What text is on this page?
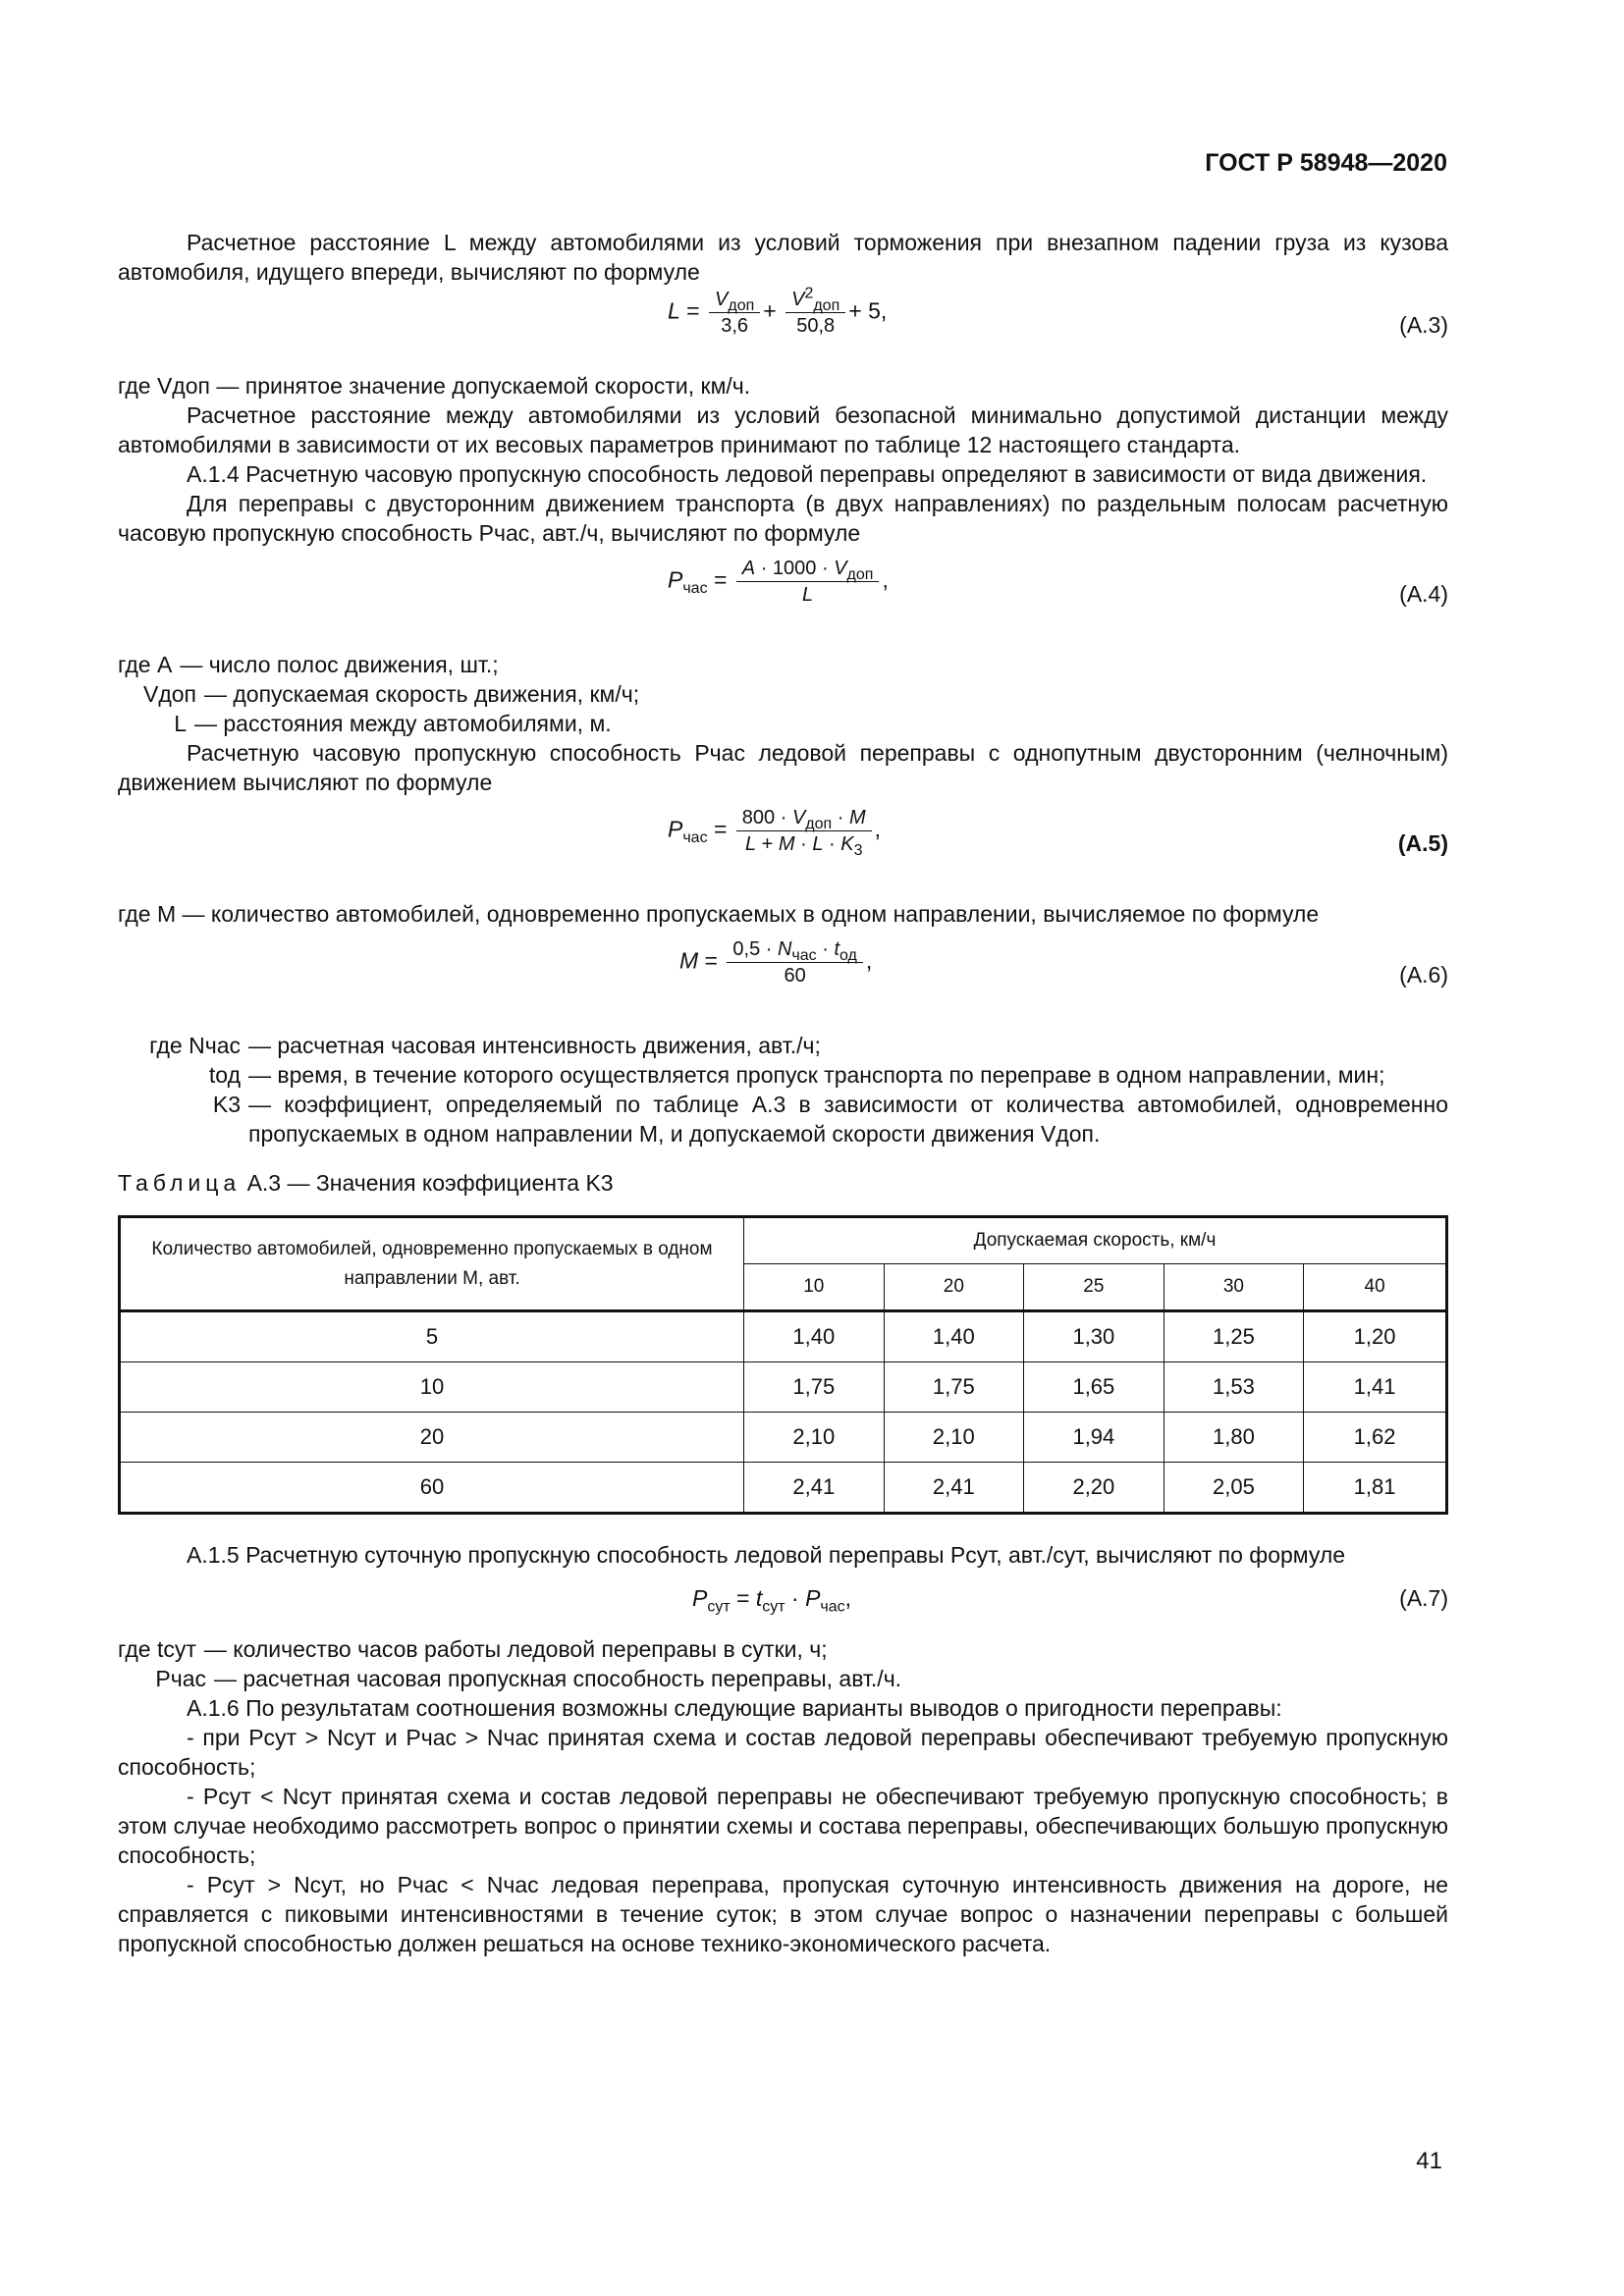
ГОСТ Р 58948—2020

Расчетное расстояние L между автомобилями из условий торможения при внезапном падении груза из кузова автомобиля, идущего впереди, вычисляют по формуле

$L = \frac{V_{доп}}{3,6} + \frac{V^2_{доп}}{50,8} + 5$,
(А.3)

где Vдоп — принятое значение допускаемой скорости, км/ч.

Расчетное расстояние между автомобилями из условий безопасной минимально допустимой дистанции между автомобилями в зависимости от их весовых параметров принимают по таблице 12 настоящего стандарта.

А.1.4 Расчетную часовую пропускную способность ледовой переправы определяют в зависимости от вида движения.

Для переправы с двусторонним движением транспорта (в двух направлениях) по раздельным полосам расчетную часовую пропускную способность Pчас, авт./ч, вычисляют по формуле

$P_{час} = \frac{A \cdot 1000 \cdot V_{доп}}{L}$ ,
(А.4)
где A — число полос движения, шт.;
Vдоп — допускаемая скорость движения, км/ч;
L — расстояния между автомобилями, м.

Расчетную часовую пропускную способность Pчас ледовой переправы с однопутным двусторонним (челночным) движением вычисляют по формуле

$P_{час} = \frac{800 \cdot V_{доп} \cdot M}{L + M \cdot L \cdot K_3}$ ,
(А.5)

где M — количество автомобилей, одновременно пропускаемых в одном направлении, вычисляемое по формуле

$M = \frac{0,5 \cdot N_{час} \cdot t_{од}}{60}$ ,
(А.6)
где Nчас — расчетная часовая интенсивность движения, авт./ч;
tод — время, в течение которого осуществляется пропуск транспорта по переправе в одном направлении, мин;
K3 — коэффициент, определяемый по таблице А.3 в зависимости от количества автомобилей, одновременно пропускаемых в одном направлении M, и допускаемой скорости движения Vдоп.

Таблица А.3 — Значения коэффициента K3

Количество автомобилей, одновременно пропускаемых в одном направлении M, авт.	Допускаемая скорость, км/ч				
	10	20	25	30	40
5	1,40	1,40	1,30	1,25	1,20
10	1,75	1,75	1,65	1,53	1,41
20	2,10	2,10	1,94	1,80	1,62
60	2,41	2,41	2,20	2,05	1,81

А.1.5 Расчетную суточную пропускную способность ледовой переправы Pсут, авт./сут, вычисляют по формуле

$P_{сут} = t_{сут} \cdot P_{час}$,	(А.7)
где tсут — количество часов работы ледовой переправы в сутки, ч;
Pчас — расчетная часовая пропускная способность переправы, авт./ч.

А.1.6 По результатам соотношения возможны следующие варианты выводов о пригодности переправы:

- при Pсут > Nсут и Pчас > Nчас принятая схема и состав ледовой переправы обеспечивают требуемую пропускную способность;

- Pсут < Nсут принятая схема и состав ледовой переправы не обеспечивают требуемую пропускную способность; в этом случае необходимо рассмотреть вопрос о принятии схемы и состава переправы, обеспечивающих большую пропускную способность;

- Pсут > Nсут, но Pчас < Nчас ледовая переправа, пропуская суточную интенсивность движения на дороге, не справляется с пиковыми интенсивностями в течение суток; в этом случае вопрос о назначении переправы с большей пропускной способностью должен решаться на основе технико-экономического расчета.

41
